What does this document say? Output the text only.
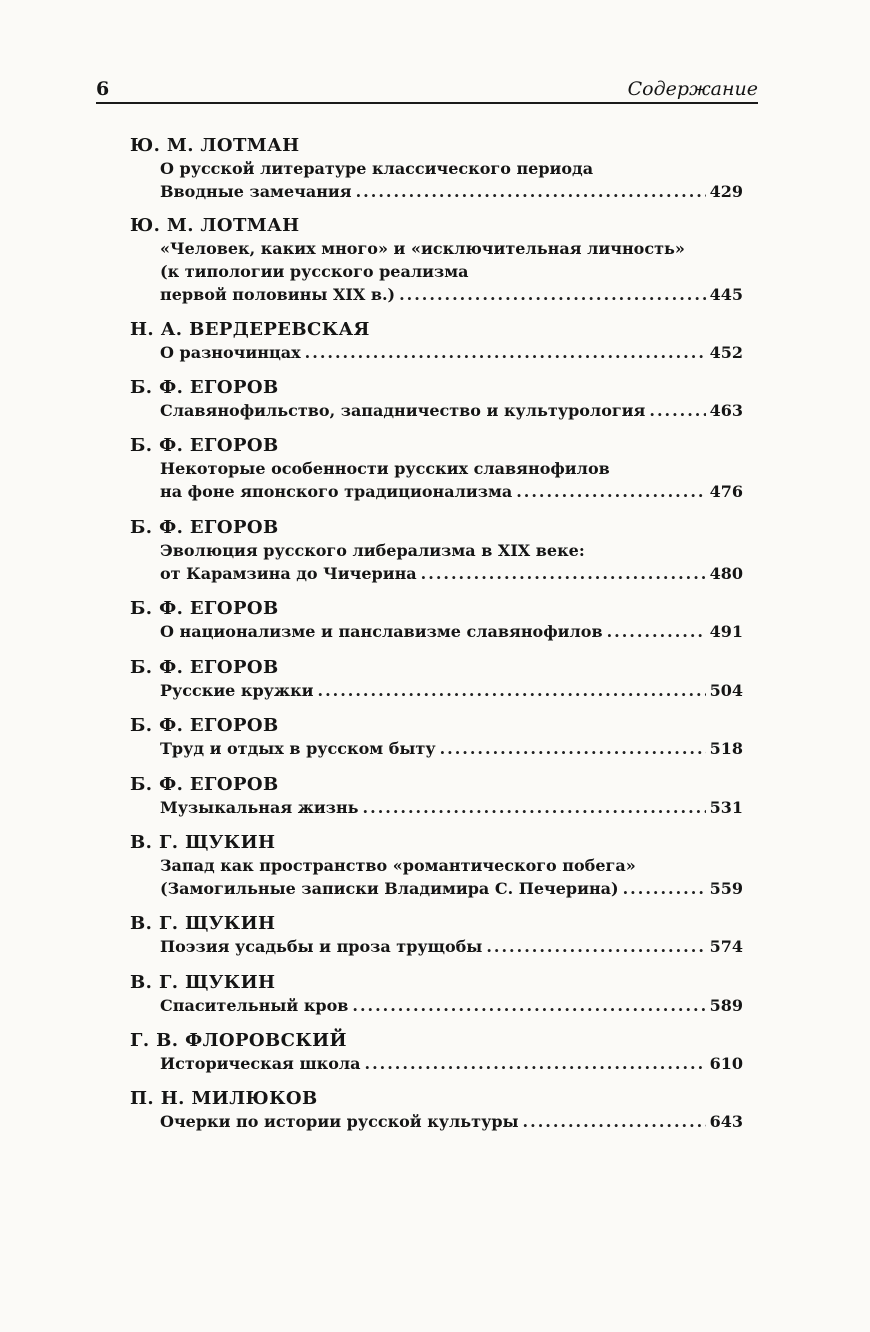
6	Содержание
Ю. М. ЛОТМАН
О русской литературе классического периода
Вводные замечания .....	429
Ю. М. ЛОТМАН
«Человек, каких много» и «исключительная личность»
(к типологии русского реализма
первой половины XIX в.) .....	445
Н. А. ВЕРДЕРЕВСКАЯ
О разночинцах .....	452
Б. Ф. ЕГОРОВ
Славянофильство, западничество и культурология .....	463
Б. Ф. ЕГОРОВ
Некоторые особенности русских славянофилов
на фоне японского традиционализма .....	476
Б. Ф. ЕГОРОВ
Эволюция русского либерализма в XIX веке:
от Карамзина до Чичерина .....	480
Б. Ф. ЕГОРОВ
О национализме и панславизме славянофилов .....	491
Б. Ф. ЕГОРОВ
Русские кружки .....	504
Б. Ф. ЕГОРОВ
Труд и отдых в русском быту .....	518
Б. Ф. ЕГОРОВ
Музыкальная жизнь .....	531
В. Г. ЩУКИН
Запад как пространство «романтического побега»
(Замогильные записки Владимира С. Печерина) .....	559
В. Г. ЩУКИН
Поэзия усадьбы и проза трущобы .....	574
В. Г. ЩУКИН
Спасительный кров .....	589
Г. В. ФЛОРОВСКИЙ
Историческая школа .....	610
П. Н. МИЛЮКОВ
Очерки по истории русской культуры .....	643
